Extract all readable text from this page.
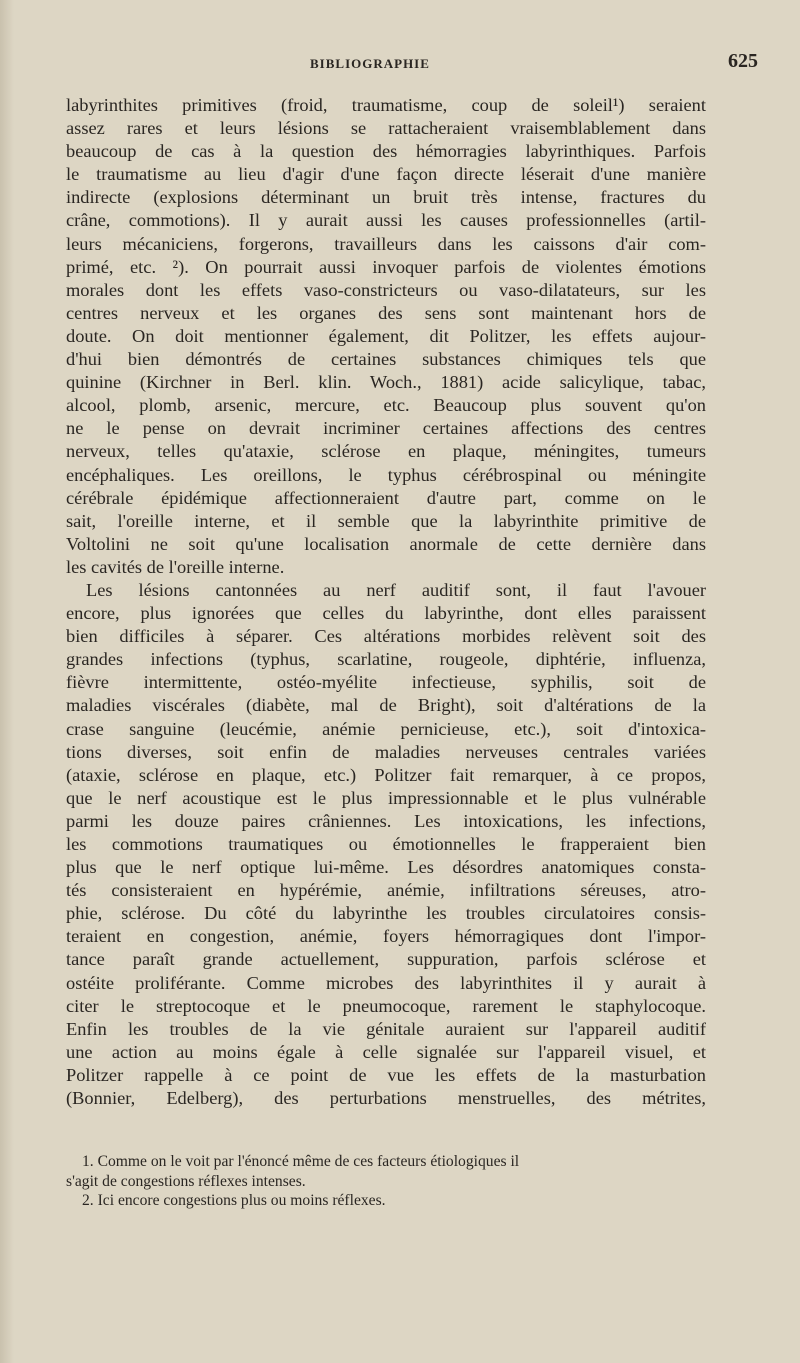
BIBLIOGRAPHIE	625
labyrinthites primitives (froid, traumatisme, coup de soleil¹) seraient
assez rares et leurs lésions se rattacheraient vraisemblablement dans
beaucoup de cas à la question des hémorragies labyrinthiques. Parfois
le traumatisme au lieu d'agir d'une façon directe léserait d'une manière
indirecte (explosions déterminant un bruit très intense, fractures du
crâne, commotions). Il y aurait aussi les causes professionnelles (artil-
leurs mécaniciens, forgerons, travailleurs dans les caissons d'air com-
primé, etc. ²). On pourrait aussi invoquer parfois de violentes émotions
morales dont les effets vaso-constricteurs ou vaso-dilatateurs, sur les
centres nerveux et les organes des sens sont maintenant hors de
doute. On doit mentionner également, dit Politzer, les effets aujour-
d'hui bien démontrés de certaines substances chimiques tels que
quinine (Kirchner in Berl. klin. Woch., 1881) acide salicylique, tabac,
alcool, plomb, arsenic, mercure, etc. Beaucoup plus souvent qu'on
ne le pense on devrait incriminer certaines affections des centres
nerveux, telles qu'ataxie, sclérose en plaque, méningites, tumeurs
encéphaliques. Les oreillons, le typhus cérébrospinal ou méningite
cérébrale épidémique affectionneraient d'autre part, comme on le
sait, l'oreille interne, et il semble que la labyrinthite primitive de
Voltolini ne soit qu'une localisation anormale de cette dernière dans
les cavités de l'oreille interne.
Les lésions cantonnées au nerf auditif sont, il faut l'avouer
encore, plus ignorées que celles du labyrinthe, dont elles paraissent
bien difficiles à séparer. Ces altérations morbides relèvent soit des
grandes infections (typhus, scarlatine, rougeole, diphtérie, influenza,
fièvre intermittente, ostéo-myélite infectieuse, syphilis, soit de
maladies viscérales (diabète, mal de Bright), soit d'altérations de la
crase sanguine (leucémie, anémie pernicieuse, etc.), soit d'intoxica-
tions diverses, soit enfin de maladies nerveuses centrales variées
(ataxie, sclérose en plaque, etc.) Politzer fait remarquer, à ce propos,
que le nerf acoustique est le plus impressionnable et le plus vulnérable
parmi les douze paires crâniennes. Les intoxications, les infections,
les commotions traumatiques ou émotionnelles le frapperaient bien
plus que le nerf optique lui-même. Les désordres anatomiques consta-
tés consisteraient en hypérémie, anémie, infiltrations séreuses, atro-
phie, sclérose. Du côté du labyrinthe les troubles circulatoires consis-
teraient en congestion, anémie, foyers hémorragiques dont l'impor-
tance paraît grande actuellement, suppuration, parfois sclérose et
ostéite proliférante. Comme microbes des labyrinthites il y aurait à
citer le streptocoque et le pneumocoque, rarement le staphylocoque.
Enfin les troubles de la vie génitale auraient sur l'appareil auditif
une action au moins égale à celle signalée sur l'appareil visuel, et
Politzer rappelle à ce point de vue les effets de la masturbation
(Bonnier, Edelberg), des perturbations menstruelles, des métrites,
1. Comme on le voit par l'énoncé même de ces facteurs étiologiques il
s'agit de congestions réflexes intenses.
2. Ici encore congestions plus ou moins réflexes.
